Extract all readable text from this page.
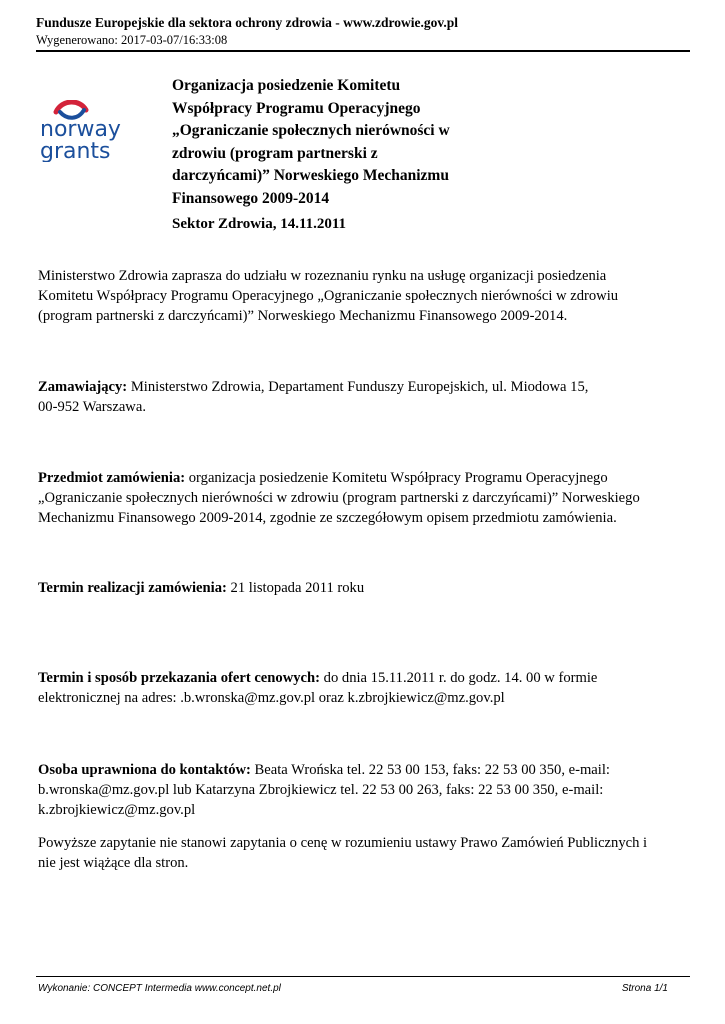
Fundusze Europejskie dla sektora ochrony zdrowia - www.zdrowie.gov.pl
Wygenerowano: 2017-03-07/16:33:08
norway
grants
Organizacja posiedzenie Komitetu
Współpracy Programu Operacyjnego
„Ograniczanie społecznych nierówności w
zdrowiu (program partnerski z
darczyńcami)” Norweskiego Mechanizmu
Finansowego 2009-2014
Sektor Zdrowia, 14.11.2011

Ministerstwo Zdrowia zaprasza do udziału w rozeznaniu rynku na usługę organizacji posiedzenia
Komitetu Współpracy Programu Operacyjnego „Ograniczanie społecznych nierówności w zdrowiu
(program partnerski z darczyńcami)” Norweskiego Mechanizmu Finansowego 2009-2014.

Zamawiający: Ministerstwo Zdrowia, Departament Funduszy Europejskich, ul. Miodowa 15,
00-952 Warszawa.

Przedmiot zamówienia: organizacja posiedzenie Komitetu Współpracy Programu Operacyjnego
„Ograniczanie społecznych nierówności w zdrowiu (program partnerski z darczyńcami)” Norweskiego
Mechanizmu Finansowego 2009-2014, zgodnie ze szczegółowym opisem przedmiotu zamówienia.

Termin realizacji zamówienia: 21 listopada 2011 roku

Termin i sposób przekazania ofert cenowych: do dnia 15.11.2011 r. do godz. 14. 00 w formie
elektronicznej na adres: .b.wronska@mz.gov.pl oraz k.zbrojkiewicz@mz.gov.pl

Osoba uprawniona do kontaktów: Beata Wrońska tel. 22 53 00 153, faks: 22 53 00 350, e-mail:
b.wronska@mz.gov.pl lub Katarzyna Zbrojkiewicz tel. 22 53 00 263, faks: 22 53 00 350, e-mail:
k.zbrojkiewicz@mz.gov.pl

Powyższe zapytanie nie stanowi zapytania o cenę w rozumieniu ustawy Prawo Zamówień Publicznych i
nie jest wiążące dla stron.

Wykonanie: CONCEPT Intermedia www.concept.net.pl	Strona 1/1
